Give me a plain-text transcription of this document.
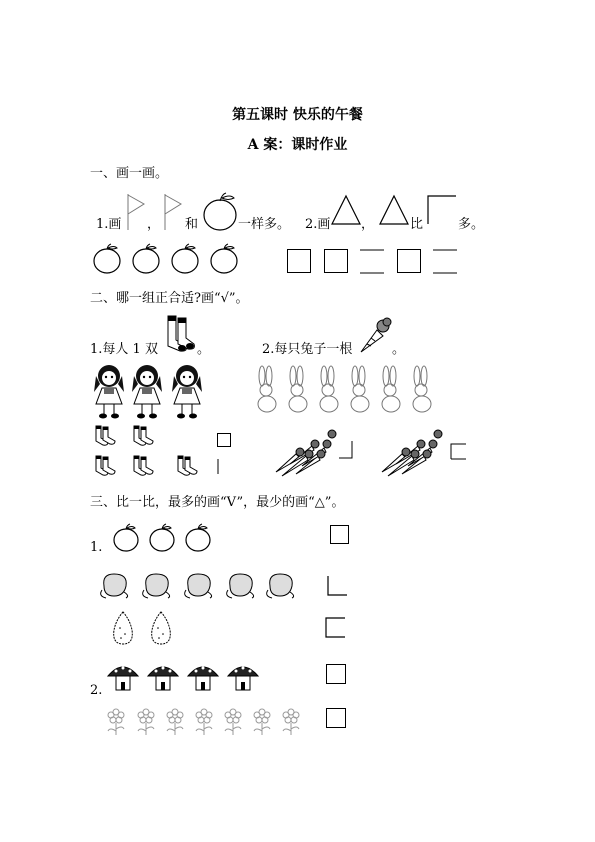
第五课时 快乐的午餐
A 案：课时作业
一、画一画。
1.画 ， 和	一样多。 2.画 ，	比	多。
二、哪一组正合适?画“√”。
1.每人 1 双	。	2.每只兔子一根	。
三、比一比，最多的画“V”，最少的画“△”。
1.
2.
